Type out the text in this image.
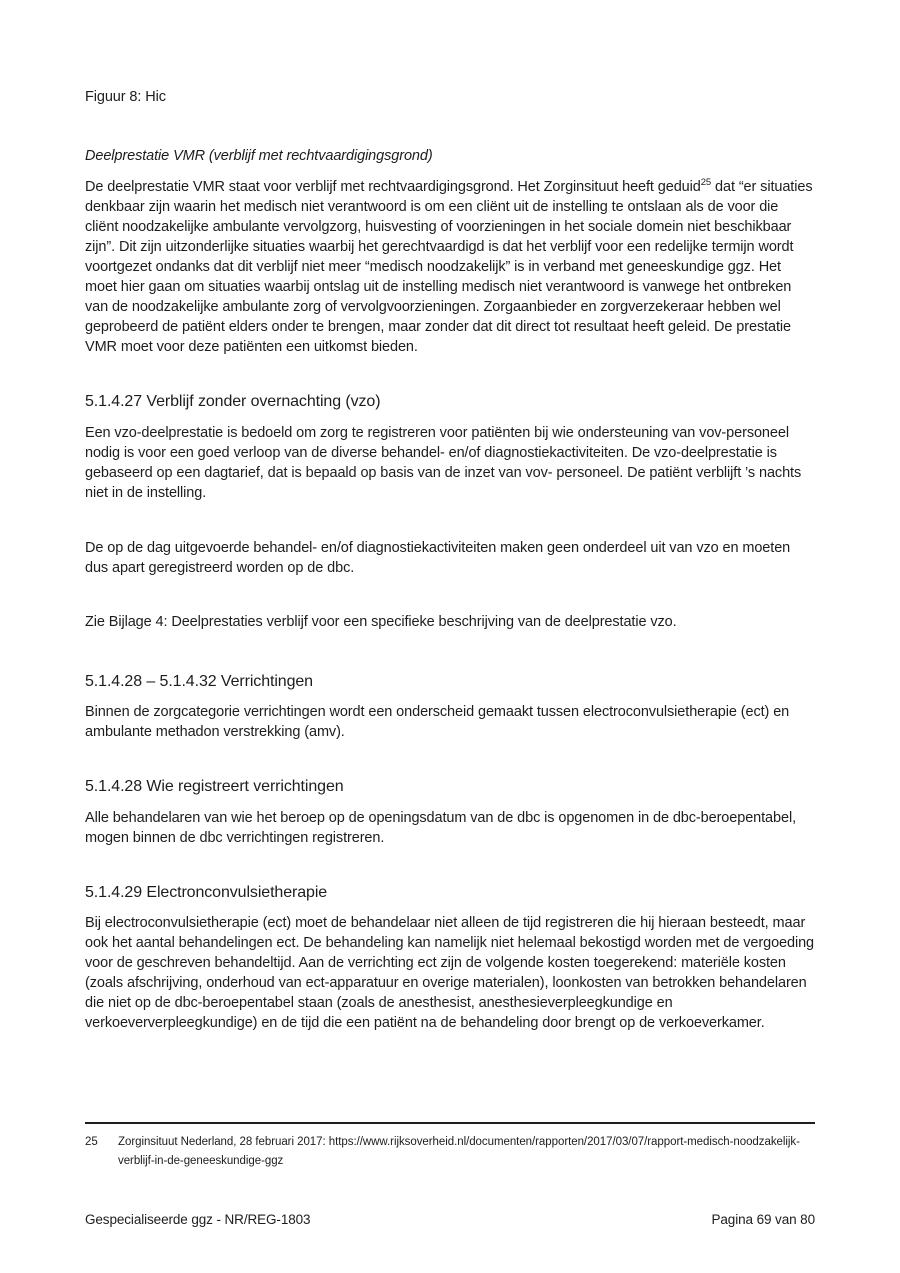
Figuur 8: Hic
Deelprestatie VMR (verblijf met rechtvaardigingsgrond)

De deelprestatie VMR staat voor verblijf met rechtvaardigingsgrond. Het Zorginsituut heeft geduid$^{25}$ dat “er situaties denkbaar zijn waarin het medisch niet verantwoord is om een cliënt uit de instelling te ontslaan als de voor die cliënt noodzakelijke ambulante vervolgzorg, huisvesting of voorzieningen in het sociale domein niet beschikbaar zijn”. Dit zijn uitzonderlijke situaties waarbij het gerechtvaardigd is dat het verblijf voor een redelijke termijn wordt voortgezet ondanks dat dit verblijf niet meer “medisch noodzakelijk” is in verband met geneeskundige ggz. Het moet hier gaan om situaties waarbij ontslag uit de instelling medisch niet verantwoord is vanwege het ontbreken van de noodzakelijke ambulante zorg of vervolgvoorzieningen. Zorgaanbieder en zorgverzekeraar hebben wel geprobeerd de patiënt elders onder te brengen, maar zonder dat dit direct tot resultaat heeft geleid. De prestatie VMR moet voor deze patiënten een uitkomst bieden.

5.1.4.27 Verblijf zonder overnachting (vzo)

Een vzo-deelprestatie is bedoeld om zorg te registreren voor patiënten bij wie ondersteuning van vov-personeel nodig is voor een goed verloop van de diverse behandel- en/of diagnostiekactiviteiten. De vzo-deelprestatie is gebaseerd op een dagtarief, dat is bepaald op basis van de inzet van vov- personeel. De patiënt verblijft ’s nachts niet in de instelling.

De op de dag uitgevoerde behandel- en/of diagnostiekactiviteiten maken geen onderdeel uit van vzo en moeten dus apart geregistreerd worden op de dbc.

Zie Bijlage 4: Deelprestaties verblijf voor een specifieke beschrijving van de deelprestatie vzo.

5.1.4.28 – 5.1.4.32 Verrichtingen

Binnen de zorgcategorie verrichtingen wordt een onderscheid gemaakt tussen electroconvulsietherapie (ect) en ambulante methadon verstrekking (amv).

5.1.4.28 Wie registreert verrichtingen

Alle behandelaren van wie het beroep op de openingsdatum van de dbc is opgenomen in de dbc-beroepentabel, mogen binnen de dbc verrichtingen registreren.

5.1.4.29 Electronconvulsietherapie

Bij electroconvulsietherapie (ect) moet de behandelaar niet alleen de tijd registreren die hij hieraan besteedt, maar ook het aantal behandelingen ect. De behandeling kan namelijk niet helemaal bekostigd worden met de vergoeding voor de geschreven behandeltijd. Aan de verrichting ect zijn de volgende kosten toegerekend: materiële kosten (zoals afschrijving, onderhoud van ect-apparatuur en overige materialen), loonkosten van betrokken behandelaren die niet op de dbc-beroepentabel staan (zoals de anesthesist, anesthesieverpleegkundige en verkoeververpleegkundige) en de tijd die een patiënt na de behandeling door brengt op de verkoeverkamer.

25	Zorginsituut Nederland, 28 februari 2017: https://www.rijksoverheid.nl/documenten/rapporten/2017/03/07/rapport-medisch-noodzakelijk-verblijf-in-de-geneeskundige-ggz
Gespecialiseerde ggz - NR/REG-1803	Pagina 69 van 80
